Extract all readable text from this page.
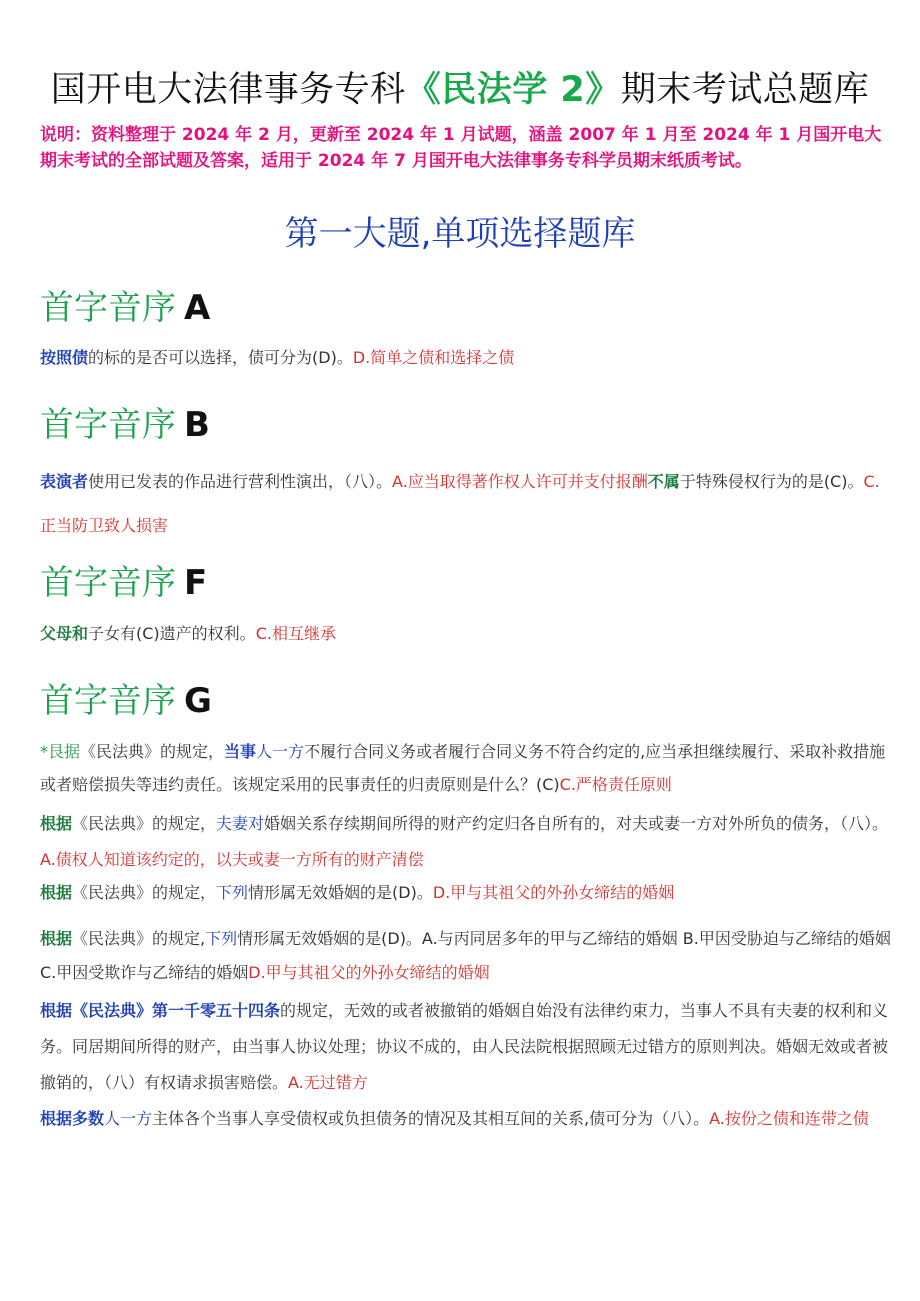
国开电大法律事务专科《民法学 2》期末考试总题库
说明：资料整理于 2024 年 2 月，更新至 2024 年 1 月试题，涵盖 2007 年 1 月至 2024 年 1 月国开电大期末考试的全部试题及答案，适用于 2024 年 7 月国开电大法律事务专科学员期末纸质考试。
第一大题,单项选择题库
首字音序 A
按照债的标的是否可以选择，债可分为(D)。D.简单之债和选择之债
首字音序 B
表演者使用已发表的作品进行营利性演出，（八）。A.应当取得著作权人许可并支付报酬不属于特殊侵权行为的是(C)。C.正当防卫致人损害
首字音序 F
父母和子女有(C)遗产的权利。C.相互继承
首字音序 G
*艮据《民法典》的规定，当事人一方不履行合同义务或者履行合同义务不符合约定的,应当承担继续履行、采取补救措施或者赔偿损失等违约责任。该规定采用的民事责任的归责原则是什么？(C)C.严格责任原则
根据《民法典》的规定，夫妻对婚姻关系存续期间所得的财产约定归各自所有的，对夫或妻一方对外所负的债务，（八）。A.债权人知道该约定的，以夫或妻一方所有的财产清偿
根据《民法典》的规定，下列情形属无效婚姻的是(D)。D.甲与其祖父的外孙女缔结的婚姻
根据《民法典》的规定,下列情形属无效婚姻的是(D)。A.与丙同居多年的甲与乙缔结的婚姻 B.甲因受胁迫与乙缔结的婚姻 C.甲因受欺诈与乙缔结的婚姻D.甲与其祖父的外孙女缔结的婚姻
根据《民法典》第一千零五十四条的规定，无效的或者被撤销的婚姻自始没有法律约束力，当事人不具有夫妻的权利和义务。同居期间所得的财产，由当事人协议处理；协议不成的，由人民法院根据照顾无过错方的原则判决。婚姻无效或者被撤销的，（八）有权请求损害赔偿。A.无过错方
根据多数人一方主体各个当事人享受债权或负担债务的情况及其相互间的关系,债可分为（八）。A.按份之债和连带之债
